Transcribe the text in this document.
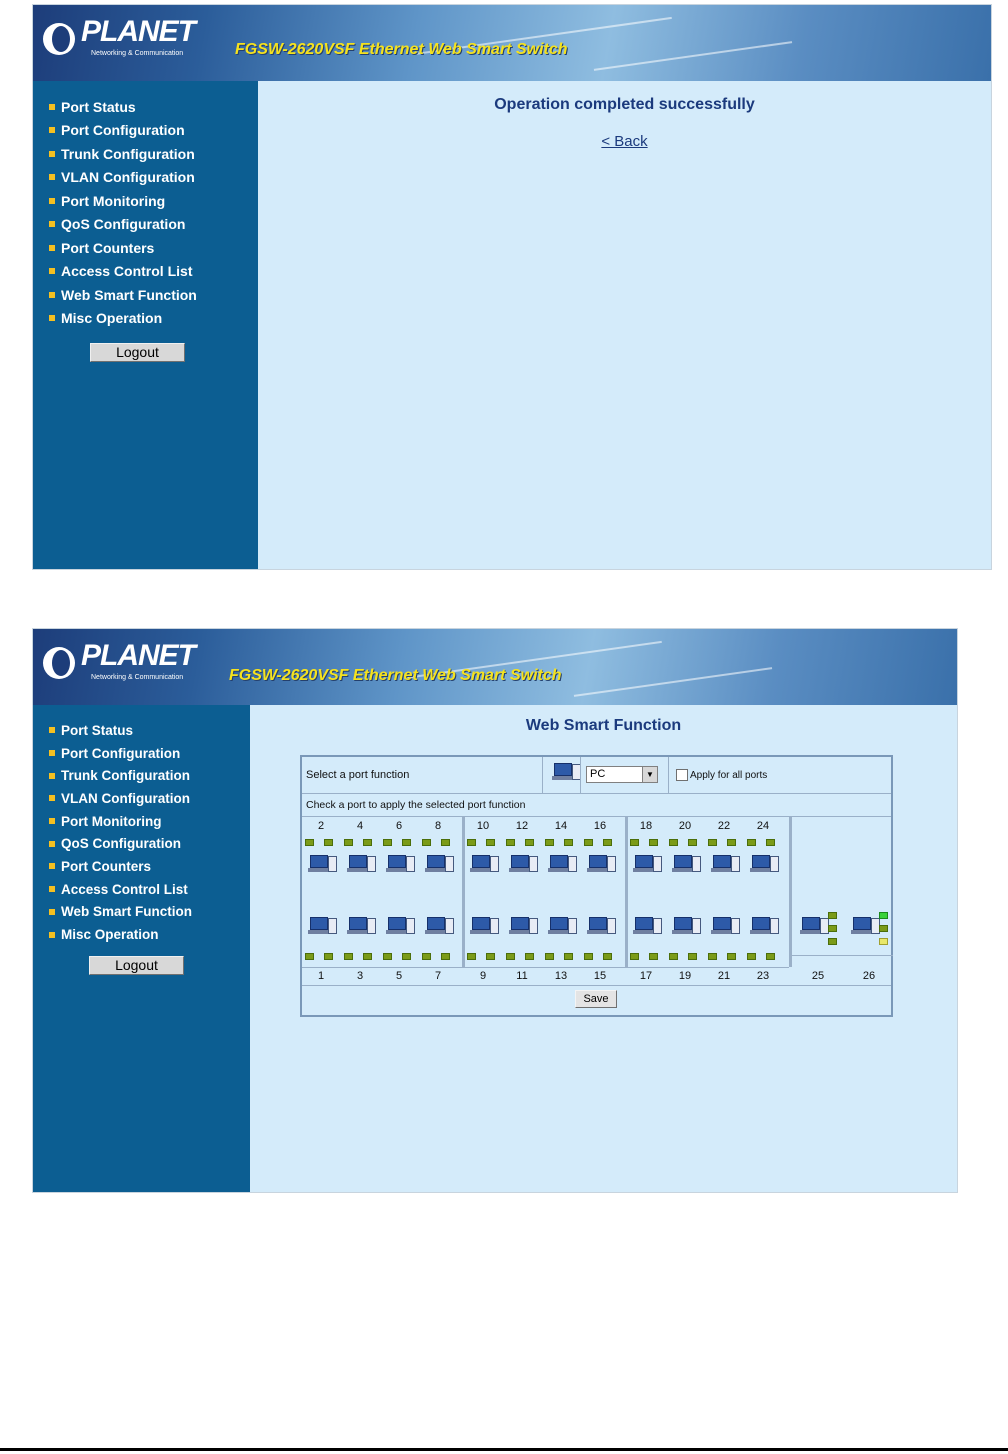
PLANET
Networking & Communication	FGSW-2620VSF Ethernet Web Smart Switch
Port Status
Port Configuration
Trunk Configuration
VLAN Configuration
Port Monitoring
QoS Configuration
Port Counters
Access Control List
Web Smart Function
Misc Operation
Logout
Operation completed successfully
< Back
PLANET
Networking & Communication	FGSW-2620VSF Ethernet Web Smart Switch
Port Status
Port Configuration
Trunk Configuration
VLAN Configuration
Port Monitoring
QoS Configuration
Port Counters
Access Control List
Web Smart Function
Misc Operation
Logout
Web Smart Function
Select a port function	PC	▼	Apply for all ports
Check a port to apply the selected port function
2
1
4
3
6
5
8
7
10
9
12
11
14
13
16
15
18
17
20
19
22
21
24
23	25	26
Save
